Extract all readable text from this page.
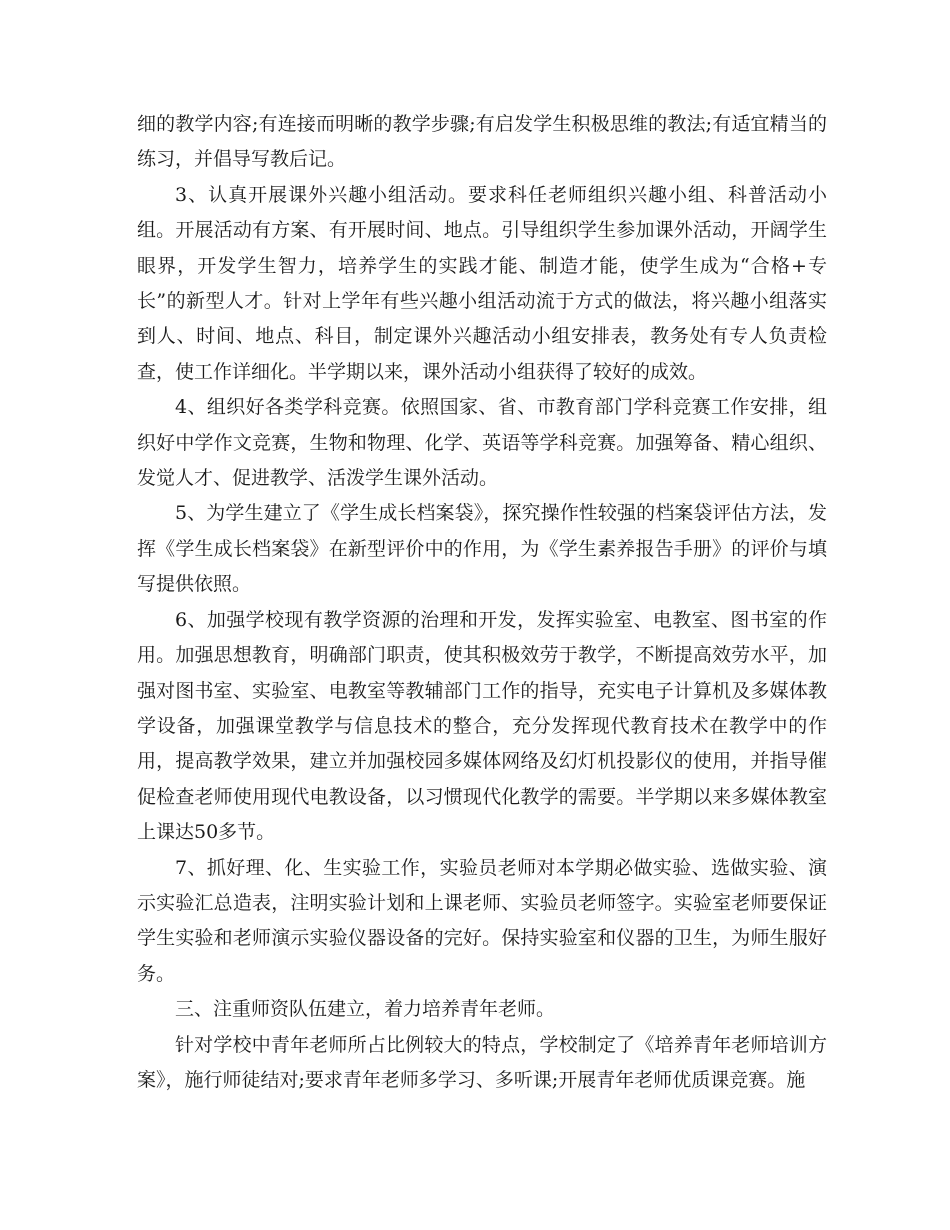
细的教学内容;有连接而明晰的教学步骤;有启发学生积极思维的教法;有适宜精当的练习，并倡导写教后记。

3、认真开展课外兴趣小组活动。要求科任老师组织兴趣小组、科普活动小组。开展活动有方案、有开展时间、地点。引导组织学生参加课外活动，开阔学生眼界，开发学生智力，培养学生的实践才能、制造才能，使学生成为“合格+专长”的新型人才。针对上学年有些兴趣小组活动流于方式的做法，将兴趣小组落实到人、时间、地点、科目，制定课外兴趣活动小组安排表，教务处有专人负责检查，使工作详细化。半学期以来，课外活动小组获得了较好的成效。

4、组织好各类学科竞赛。依照国家、省、市教育部门学科竞赛工作安排，组织好中学作文竞赛，生物和物理、化学、英语等学科竞赛。加强筹备、精心组织、发觉人才、促进教学、活泼学生课外活动。

5、为学生建立了《学生成长档案袋》，探究操作性较强的档案袋评估方法，发挥《学生成长档案袋》在新型评价中的作用，为《学生素养报告手册》的评价与填写提供依照。

6、加强学校现有教学资源的治理和开发，发挥实验室、电教室、图书室的作用。加强思想教育，明确部门职责，使其积极效劳于教学，不断提高效劳水平，加强对图书室、实验室、电教室等教辅部门工作的指导，充实电子计算机及多媒体教学设备，加强课堂教学与信息技术的整合，充分发挥现代教育技术在教学中的作用，提高教学效果，建立并加强校园多媒体网络及幻灯机投影仪的使用，并指导催促检查老师使用现代电教设备，以习惯现代化教学的需要。半学期以来多媒体教室上课达50多节。

7、抓好理、化、生实验工作，实验员老师对本学期必做实验、选做实验、演示实验汇总造表，注明实验计划和上课老师、实验员老师签字。实验室老师要保证学生实验和老师演示实验仪器设备的完好。保持实验室和仪器的卫生，为师生服好务。

三、注重师资队伍建立，着力培养青年老师。

针对学校中青年老师所占比例较大的特点，学校制定了《培养青年老师培训方案》，施行师徒结对;要求青年老师多学习、多听课;开展青年老师优质课竞赛。施
